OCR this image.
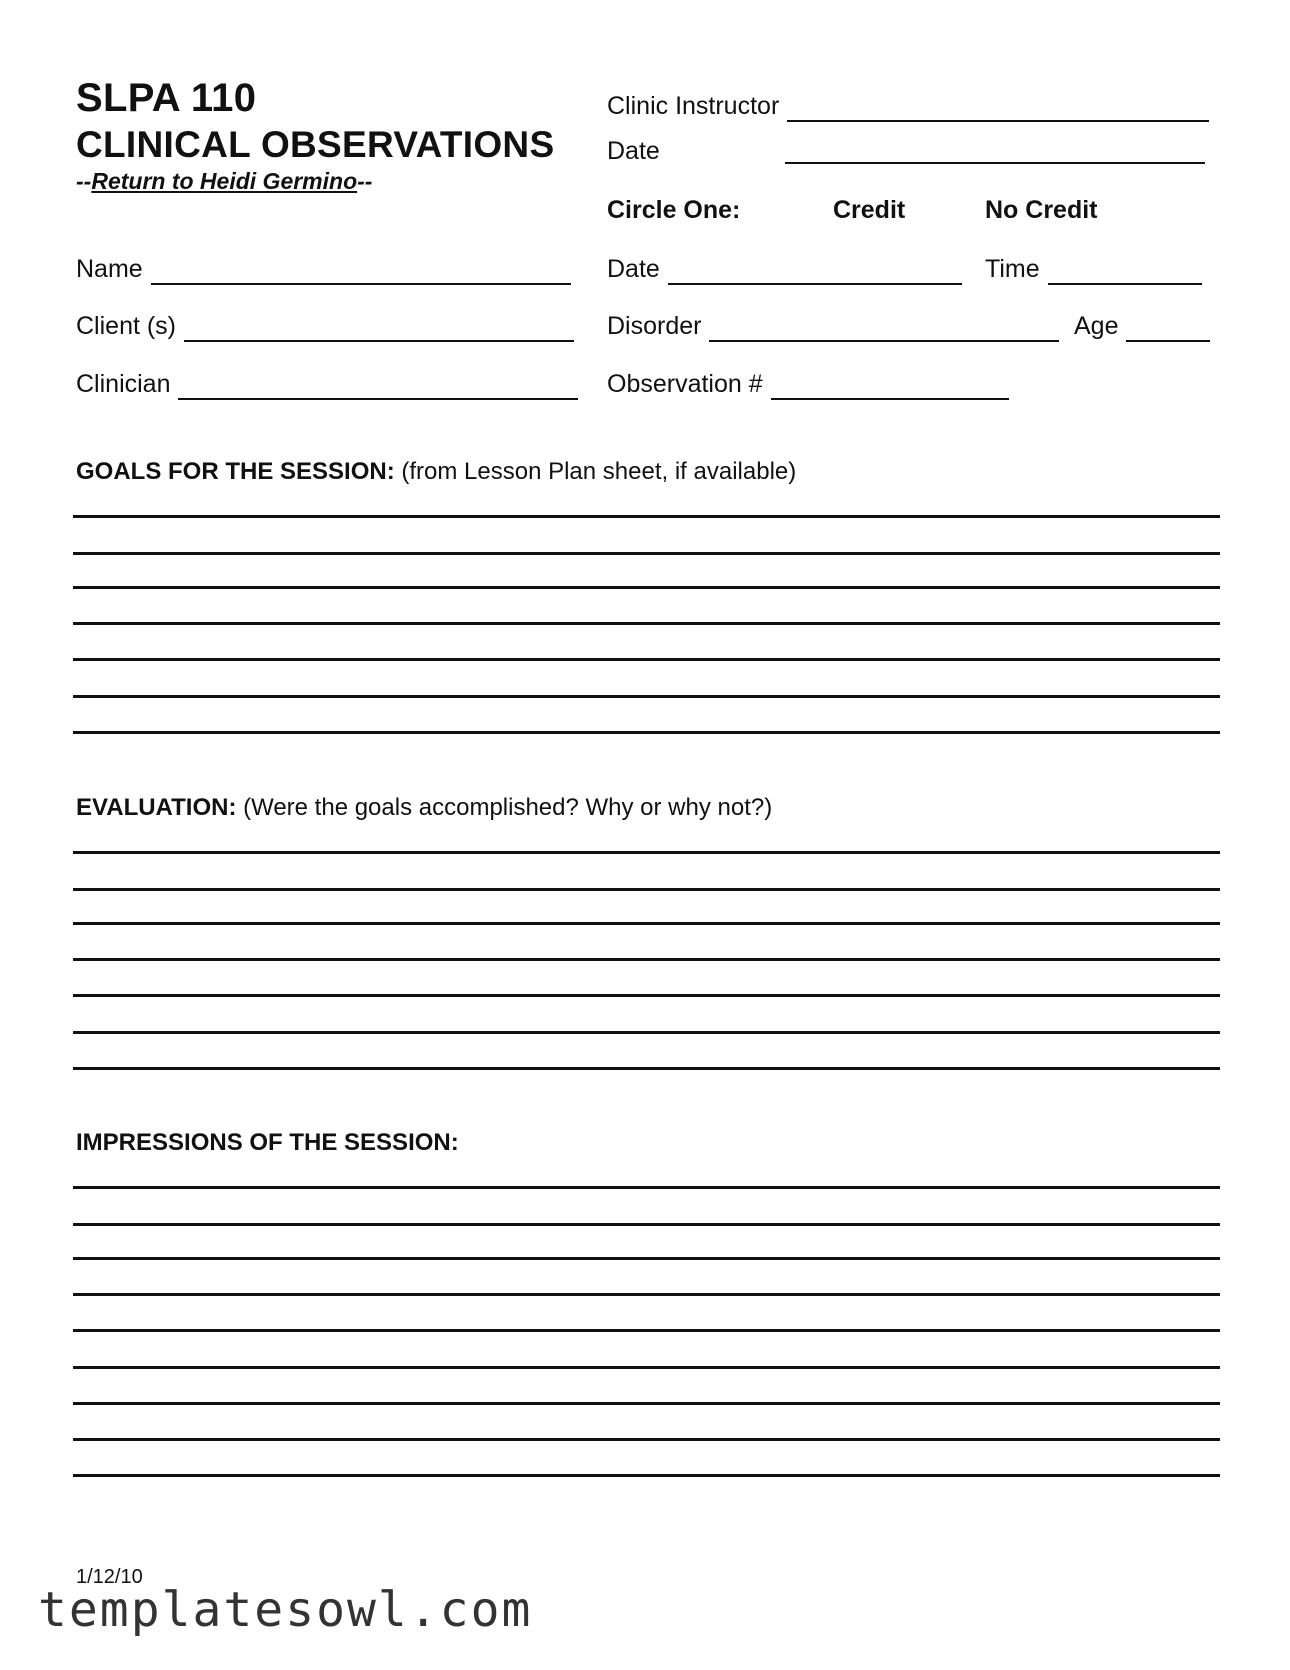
SLPA 110
CLINICAL OBSERVATIONS
--Return to Heidi Germino--
Clinic Instructor
Date
Circle One:	Credit	No Credit
Name	Date	Time
Client (s)	Disorder	Age
Clinician	Observation #
GOALS FOR THE SESSION: (from Lesson Plan sheet, if available)
EVALUATION: (Were the goals accomplished? Why or why not?)
IMPRESSIONS OF THE SESSION:
1/12/10
templatesowl.com
